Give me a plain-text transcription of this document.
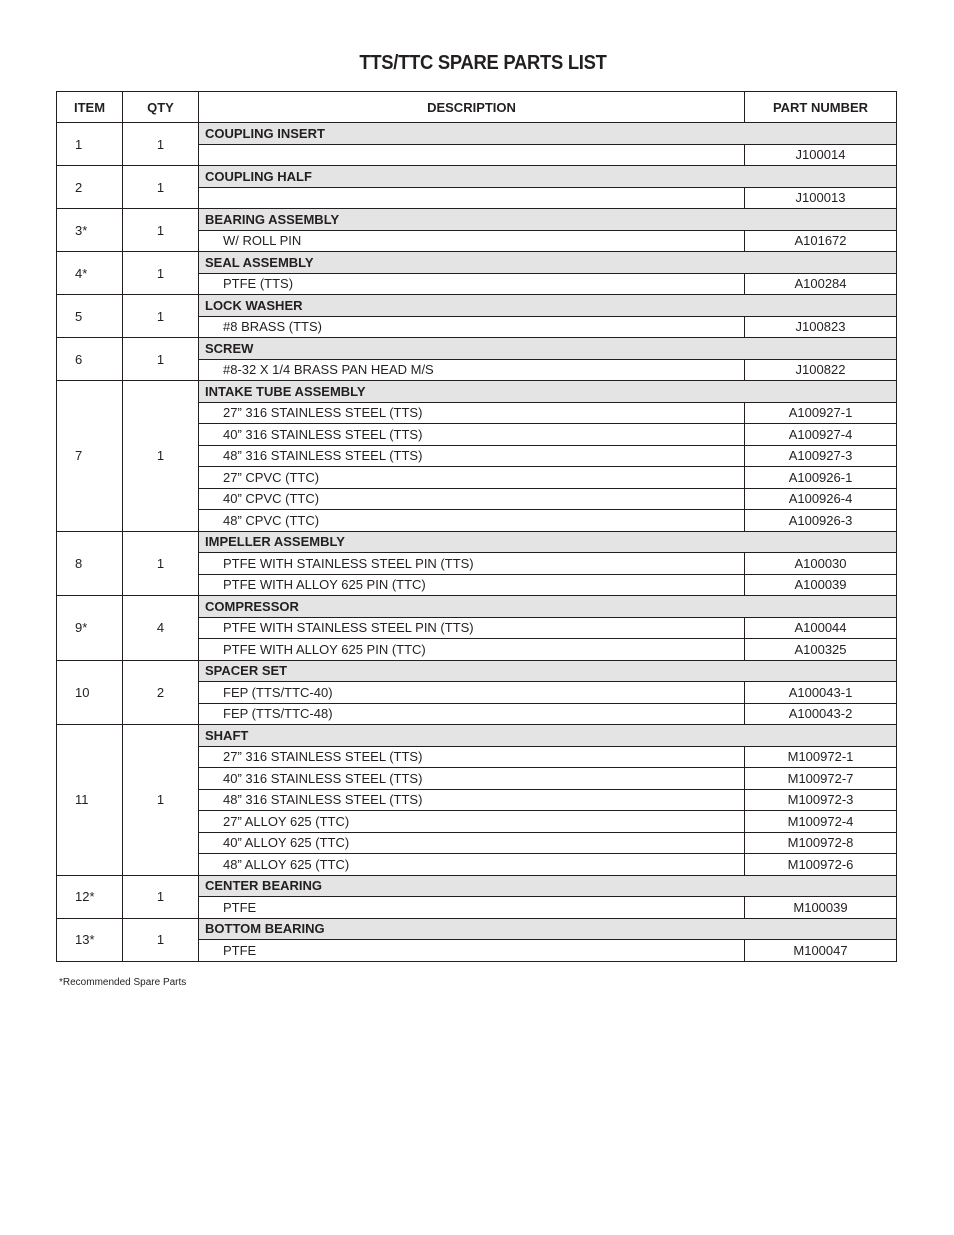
TTS/TTC SPARE PARTS LIST
ITEM	QTY	DESCRIPTION	PART NUMBER
1	1	COUPLING INSERT	
			J100014
2	1	COUPLING HALF	
			J100013
3*	1	BEARING ASSEMBLY	
		W/ ROLL PIN	A101672
4*	1	SEAL ASSEMBLY	
		PTFE (TTS)	A100284
5	1	LOCK WASHER	
		#8 BRASS (TTS)	J100823
6	1	SCREW	
		#8-32 X 1/4 BRASS PAN HEAD M/S	J100822
7	1	INTAKE TUBE ASSEMBLY	
		27” 316 STAINLESS STEEL (TTS)	A100927-1
		40” 316 STAINLESS STEEL (TTS)	A100927-4
		48” 316 STAINLESS STEEL (TTS)	A100927-3
		27” CPVC (TTC)	A100926-1
		40” CPVC (TTC)	A100926-4
		48” CPVC (TTC)	A100926-3
8	1	IMPELLER ASSEMBLY	
		PTFE WITH STAINLESS STEEL PIN (TTS)	A100030
		PTFE WITH ALLOY 625 PIN (TTC)	A100039
9*	4	COMPRESSOR	
		PTFE WITH STAINLESS STEEL PIN (TTS)	A100044
		PTFE WITH ALLOY 625 PIN (TTC)	A100325
10	2	SPACER SET	
		FEP (TTS/TTC-40)	A100043-1
		FEP (TTS/TTC-48)	A100043-2
11	1	SHAFT	
		27” 316 STAINLESS STEEL (TTS)	M100972-1
		40” 316 STAINLESS STEEL (TTS)	M100972-7
		48” 316 STAINLESS STEEL (TTS)	M100972-3
		27” ALLOY 625 (TTC)	M100972-4
		40” ALLOY 625 (TTC)	M100972-8
		48” ALLOY 625 (TTC)	M100972-6
12*	1	CENTER BEARING	
		PTFE	M100039
13*	1	BOTTOM BEARING	
		PTFE	M100047
*Recommended Spare Parts
